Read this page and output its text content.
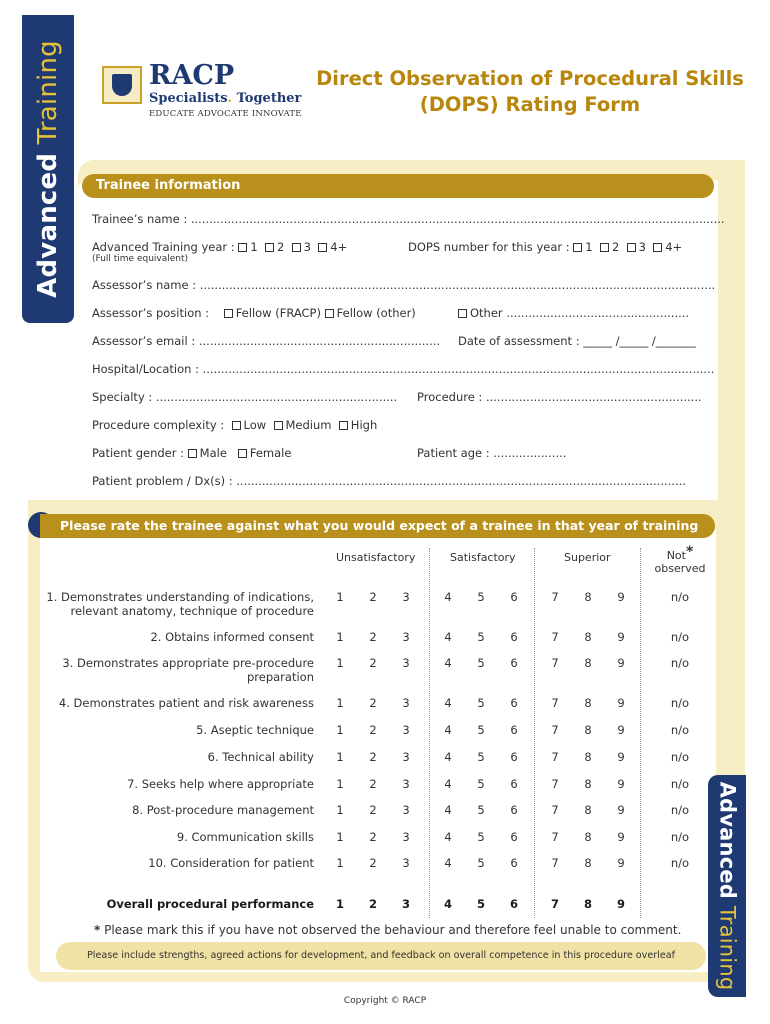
Advanced Training	RACP
Specialists. Together
EDUCATE ADVOCATE INNOVATE
Direct Observation of Procedural Skills
(DOPS) Rating Form
Advanced Training
Trainee information
Trainee’s name : ..................................................................................................................................................
Advanced Training year : 1 2 3 4+
(Full time equivalent)
DOPS number for this year : 1 2 3 4+
Assessor’s name : .............................................................................................................................................
Assessor’s position : Fellow (FRACP) Fellow (other)	Other ..................................................
Assessor’s email : .................................................................. Date of assessment : _____ /_____ /_______
Hospital/Location : ............................................................................................................................................
Specialty : .................................................................. Procedure : ...........................................................
Procedure complexity : Low Medium High
Patient gender : Male Female	Patient age : ....................
Patient problem / Dx(s) : ...........................................................................................................................
Please rate the trainee against what you would expect of a trainee in that year of training
Unsatisfactory	Satisfactory	Superior	Not*
observed
1. Demonstrates understanding of indications,
relevant anatomy, technique of procedure
1	2	3	4	5	6	7	8	9	n/o
2. Obtains informed consent	1	2	3	4	5	6	7	8	9	n/o
3. Demonstrates appropriate pre-procedure
preparation
1	2	3	4	5	6	7	8	9	n/o
4. Demonstrates patient and risk awareness	1	2	3	4	5	6	7	8	9	n/o
5. Aseptic technique	1	2	3	4	5	6	7	8	9	n/o
6. Technical ability	1	2	3	4	5	6	7	8	9	n/o
7. Seeks help where appropriate	1	2	3	4	5	6	7	8	9	n/o
8. Post-procedure management	1	2	3	4	5	6	7	8	9	n/o
9. Communication skills	1	2	3	4	5	6	7	8	9	n/o
10. Consideration for patient	1	2	3	4	5	6	7	8	9	n/o
Overall procedural performance	1	2	3	4	5	6	7	8	9
* Please mark this if you have not observed the behaviour and therefore feel unable to comment.
Please include strengths, agreed actions for development, and feedback on overall competence in this procedure overleaf
Copyright © RACP
